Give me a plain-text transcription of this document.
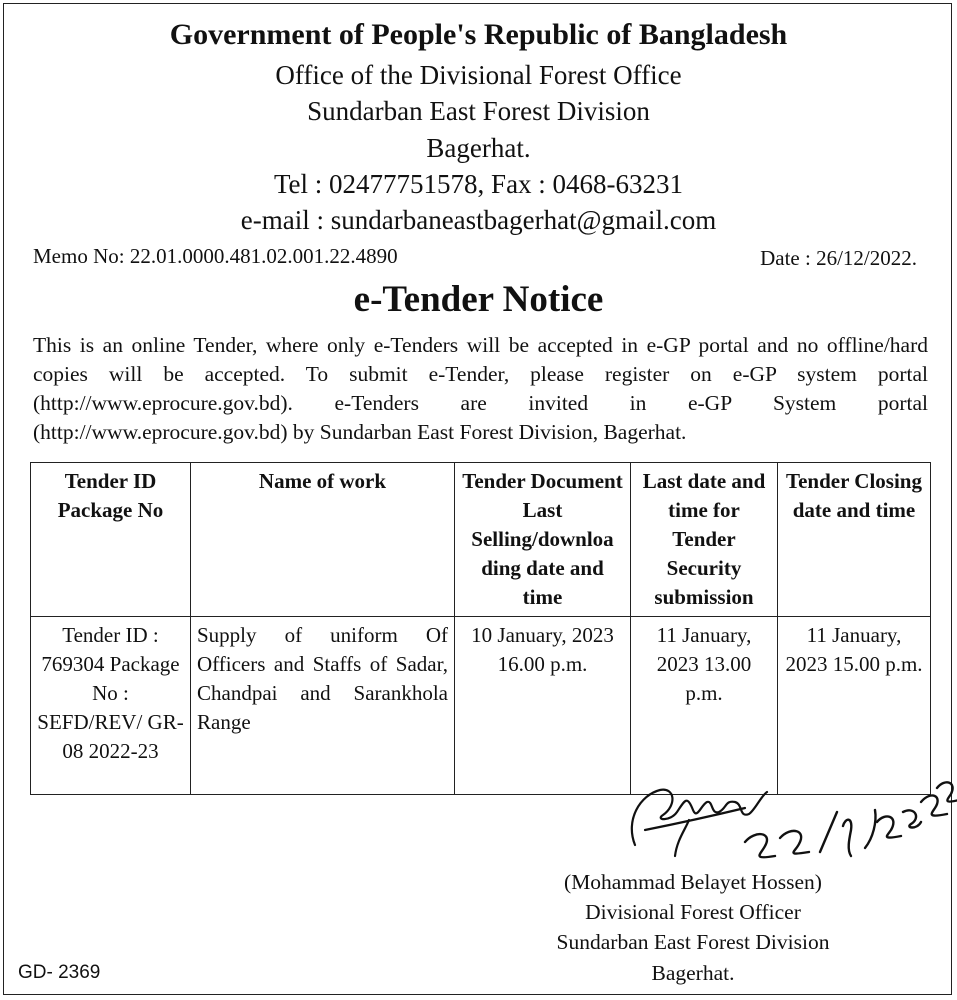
Government of People's Republic of Bangladesh
Office of the Divisional Forest Office
Sundarban East Forest Division
Bagerhat.
Tel : 02477751578, Fax : 0468-63231
e-mail : sundarbaneastbagerhat@gmail.com
Memo No: 22.01.0000.481.02.001.22.4890	Date : 26/12/2022.
e-Tender Notice
This is an online Tender, where only e-Tenders will be accepted in e-GP portal and no offline/hard copies will be accepted. To submit e-Tender, please register on e-GP system portal (http://www.eprocure.gov.bd). e-Tenders are invited in e-GP System portal (http://www.eprocure.gov.bd) by Sundarban East Forest Division, Bagerhat.
Tender ID Package No	Name of work	Tender Document Last Selling/downloa ding date and time	Last date and time for Tender Security submission	Tender Closing date and time
Tender ID : 769304 Package No : SEFD/REV/ GR-08 2022-23	Supply of uniform Of Officers and Staffs of Sadar, Chandpai and Sarankhola Range	10 January, 2023 16.00 p.m.	11 January, 2023 13.00 p.m.	11 January, 2023 15.00 p.m.
(Mohammad Belayet Hossen)
Divisional Forest Officer
Sundarban East Forest Division
Bagerhat.
GD- 2369
